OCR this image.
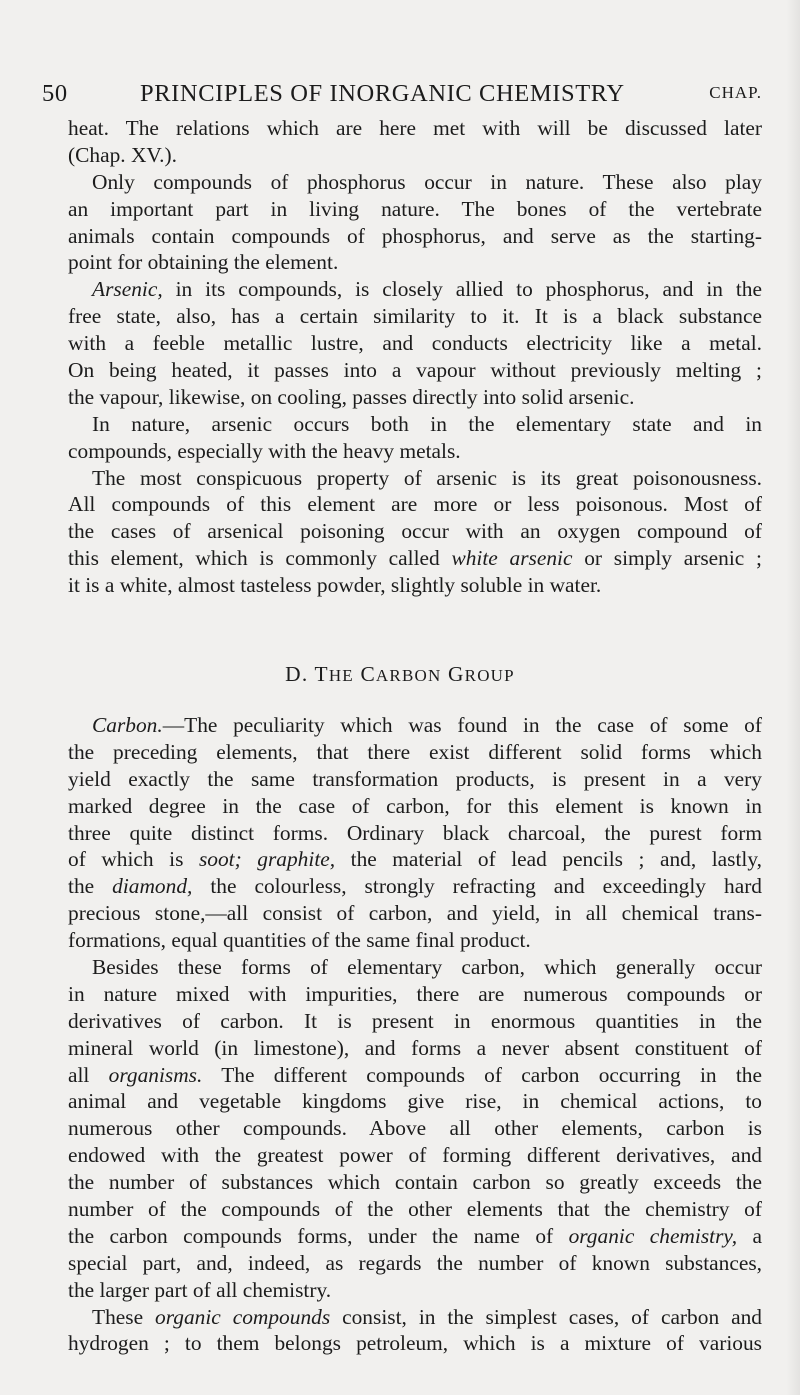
50	PRINCIPLES OF INORGANIC CHEMISTRY	CHAP.
heat. The relations which are here met with will be discussed later
(Chap. XV.).
Only compounds of phosphorus occur in nature. These also play
an important part in living nature. The bones of the vertebrate
animals contain compounds of phosphorus, and serve as the starting-
point for obtaining the element.
Arsenic, in its compounds, is closely allied to phosphorus, and in the
free state, also, has a certain similarity to it. It is a black substance
with a feeble metallic lustre, and conducts electricity like a metal.
On being heated, it passes into a vapour without previously melting ;
the vapour, likewise, on cooling, passes directly into solid arsenic.
In nature, arsenic occurs both in the elementary state and in
compounds, especially with the heavy metals.
The most conspicuous property of arsenic is its great poisonousness.
All compounds of this element are more or less poisonous. Most of
the cases of arsenical poisoning occur with an oxygen compound of
this element, which is commonly called white arsenic or simply arsenic ;
it is a white, almost tasteless powder, slightly soluble in water.
D. THE CARBON GROUP
Carbon.—The peculiarity which was found in the case of some of
the preceding elements, that there exist different solid forms which
yield exactly the same transformation products, is present in a very
marked degree in the case of carbon, for this element is known in
three quite distinct forms. Ordinary black charcoal, the purest form
of which is soot; graphite, the material of lead pencils ; and, lastly,
the diamond, the colourless, strongly refracting and exceedingly hard
precious stone,—all consist of carbon, and yield, in all chemical trans-
formations, equal quantities of the same final product.
Besides these forms of elementary carbon, which generally occur
in nature mixed with impurities, there are numerous compounds or
derivatives of carbon. It is present in enormous quantities in the
mineral world (in limestone), and forms a never absent constituent of
all organisms. The different compounds of carbon occurring in the
animal and vegetable kingdoms give rise, in chemical actions, to
numerous other compounds. Above all other elements, carbon is
endowed with the greatest power of forming different derivatives, and
the number of substances which contain carbon so greatly exceeds the
number of the compounds of the other elements that the chemistry of
the carbon compounds forms, under the name of organic chemistry, a
special part, and, indeed, as regards the number of known substances,
the larger part of all chemistry.
These organic compounds consist, in the simplest cases, of carbon and
hydrogen ; to them belongs petroleum, which is a mixture of various
